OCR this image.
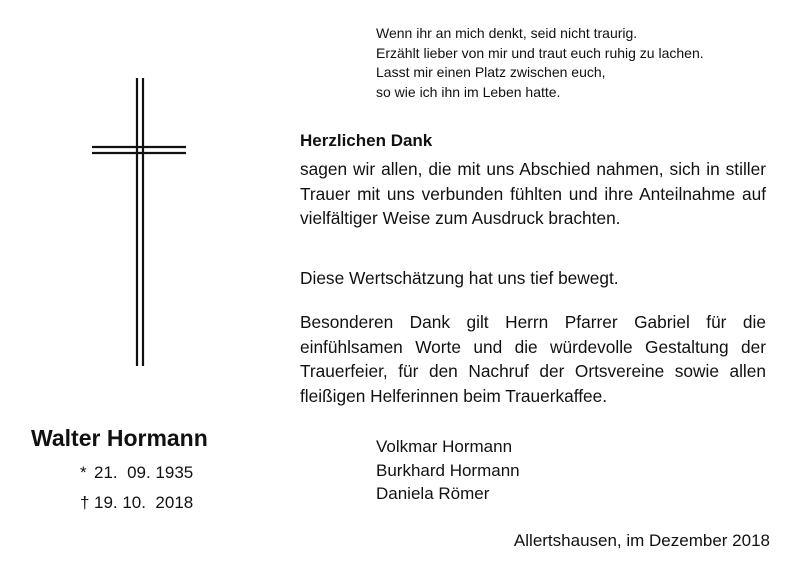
Wenn ihr an mich denkt, seid nicht traurig.
Erzählt lieber von mir und traut euch ruhig zu lachen.
Lasst mir einen Platz zwischen euch,
so wie ich ihn im Leben hatte.
Herzlichen Dank
sagen wir allen, die mit uns Abschied nahmen, sich in stiller Trauer mit uns verbunden fühlten und ihre Anteilnahme auf vielfältiger Weise zum Ausdruck brachten.
Diese Wertschätzung hat uns tief bewegt.
Besonderen Dank gilt Herrn Pfarrer Gabriel für die einfühlsamen Worte und die würdevolle Gestaltung der Trauerfeier, für den Nachruf der Ortsvereine sowie allen fleißigen Helferinnen beim Trauerkaffee.
Walter Hormann
* 21.  09. 1935
† 19. 10.  2018
Volkmar Hormann
Burkhard Hormann
Daniela Römer
Allertshausen, im Dezember 2018
